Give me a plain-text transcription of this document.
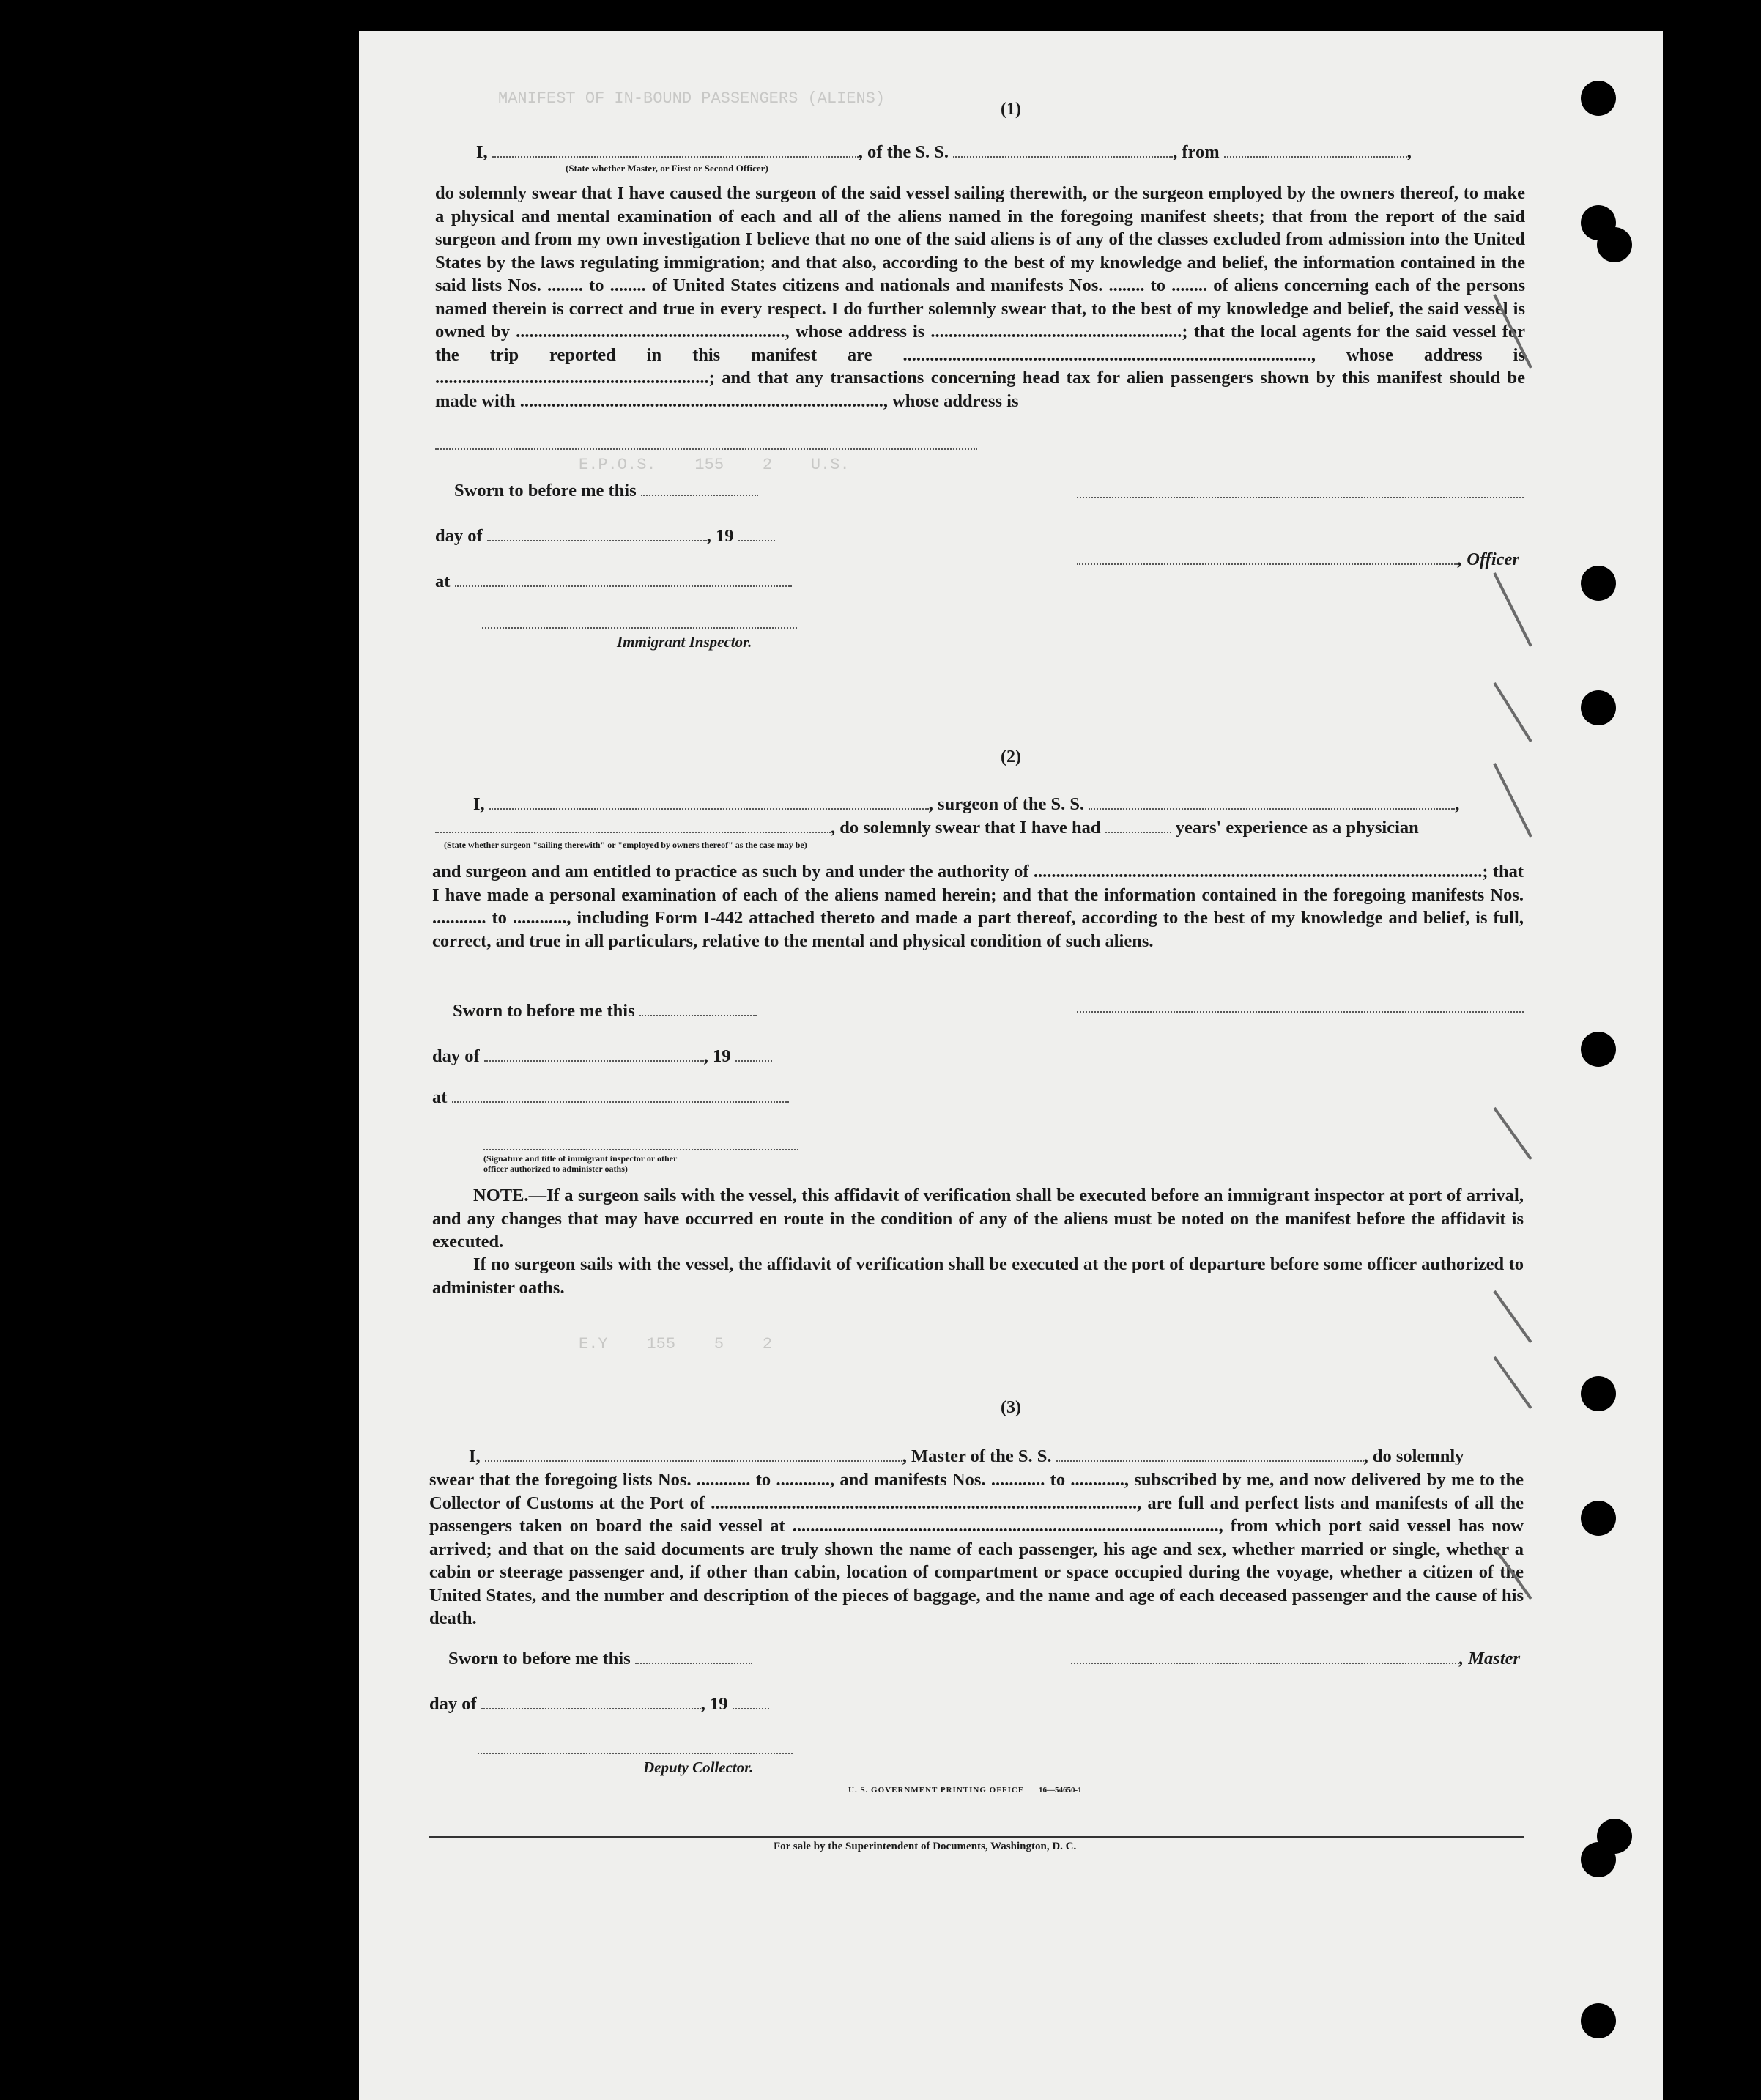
MANIFEST OF IN-BOUND PASSENGERS (ALIENS)
E.P.O.S.    155    2    U.S.
E.Y    155    5    2
(1)
I,	, of the S. S.	, from	,
(State whether Master, or First or Second Officer)
do solemnly swear that I have caused the surgeon of the said vessel sailing therewith, or the surgeon employed by the owners thereof, to make a physical and mental examination of each and all of the aliens named in the foregoing manifest sheets; that from the report of the said surgeon and from my own investigation I believe that no one of the said aliens is of any of the classes excluded from admission into the United States by the laws regulating immigration; and that also, according to the best of my knowledge and belief, the information contained in the said lists Nos. ........ to ........ of United States citizens and nationals and manifests Nos. ........ to ........ of aliens concerning each of the persons named therein is correct and true in every respect. I do further solemnly swear that, to the best of my knowledge and belief, the said vessel is owned by ............................................................, whose address is ........................................................; that the local agents for the said vessel for the trip reported in this manifest are ..........................................................................................., whose address is .............................................................; and that any transactions concerning head tax for alien passengers shown by this manifest should be made with ................................................................................., whose address is
Sworn to before me this
day of	, 19
, Officer
at
Immigrant Inspector.
(2)
I,	, surgeon of the S. S.	,
, do solemnly swear that I have had	years' experience as a physician
(State whether surgeon "sailing therewith" or "employed by owners thereof" as the case may be)
and surgeon and am entitled to practice as such by and under the authority of ....................................................................................................; that I have made a personal examination of each of the aliens named herein; and that the information contained in the foregoing manifests Nos. ............ to ............, including Form I-442 attached thereto and made a part thereof, according to the best of my knowledge and belief, is full, correct, and true in all particulars, relative to the mental and physical condition of such aliens.
Sworn to before me this
day of	, 19
at
(Signature and title of immigrant inspector or other officer authorized to administer oaths)
NOTE.—If a surgeon sails with the vessel, this affidavit of verification shall be executed before an immigrant inspector at port of arrival, and any changes that may have occurred en route in the condition of any of the aliens must be noted on the manifest before the affidavit is executed.
If no surgeon sails with the vessel, the affidavit of verification shall be executed at the port of departure before some officer authorized to administer oaths.
(3)
I,	, Master of the S. S.	, do solemnly
swear that the foregoing lists Nos. ............ to ............, and manifests Nos. ............ to ............, subscribed by me, and now delivered by me to the Collector of Customs at the Port of ..............................................................................................., are full and perfect lists and manifests of all the passengers taken on board the said vessel at ..............................................................................................., from which port said vessel has now arrived; and that on the said documents are truly shown the name of each passenger, his age and sex, whether married or single, whether a cabin or steerage passenger and, if other than cabin, location of compartment or space occupied during the voyage, whether a citizen of the United States, and the number and description of the pieces of baggage, and the name and age of each deceased passenger and the cause of his death.
Sworn to before me this	, Master
day of	, 19
Deputy Collector.
U. S. GOVERNMENT PRINTING OFFICE 16—54650-1
For sale by the Superintendent of Documents, Washington, D. C.
